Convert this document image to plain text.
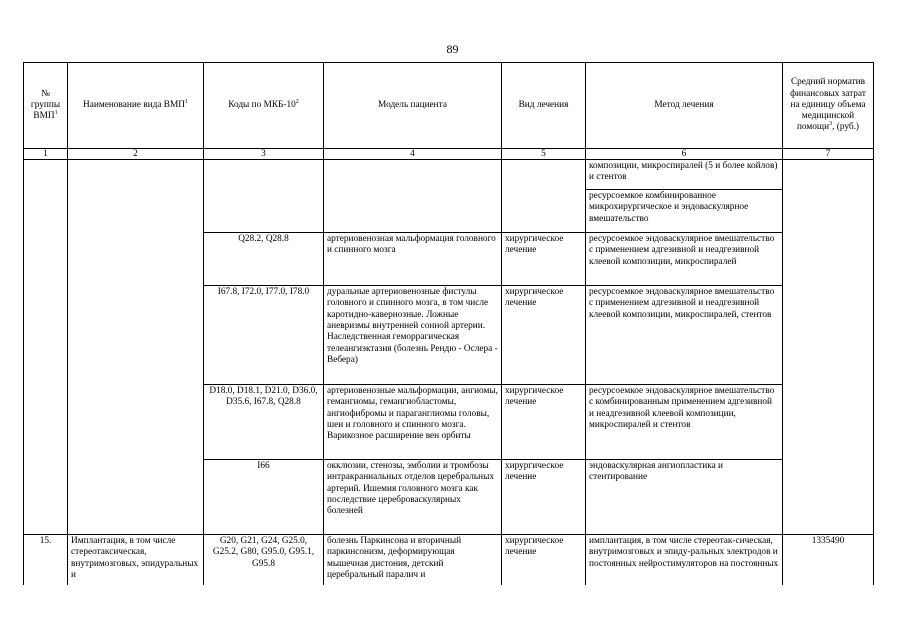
89
№ группы ВМП$^1$	Наименование вида ВМП$^1$	Коды по МКБ-$10^2$	Модель пациента	Вид лечения	Метод лечения	Средний норматив финансовых затрат на единицу объема медицинской помощи$^3$, (руб.)
1	2	3	4	5	6	7
					композиции, микроспиралей (5 и более койлов) и стентов	
					ресурсоемкое комбинированное микрохирургическое и эндоваскулярное вмешательство	
		Q28.2, Q28.8	артериовенозная мальформация головного и спинного мозга	хирургическое лечение	ресурсоемкое эндоваскулярное вмешательство с применением адгезивной и неадгезивной клеевой композиции, микроспиралей	
		I67.8, I72.0, I77.0, I78.0	дуральные артериовенозные фистулы головного и спинного мозга, в том числе каротидно-кавернозные. Ложные аневризмы внутренней сонной артерии. Наследственная геморрагическая телеангиэктазия (болезнь Рендю - Ослера - Вебера)	хирургическое лечение	ресурсоемкое эндоваскулярное вмешательство с применением адгезивной и неадгезивной клеевой композиции, микроспиралей, стентов	
		D18.0, D18.1, D21.0, D36.0, D35.6, I67.8, Q28.8	артериовенозные мальформации, ангиомы, гемангиомы, гемангиобластомы, ангиофибромы и параганглиомы головы, шеи и головного и спинного мозга. Варикозное расширение вен орбиты	хирургическое лечение	ресурсоемкое эндоваскулярное вмешательство с комбинированным применением адгезивной и неадгезивной клеевой композиции, микроспиралей и стентов	
		I66	окклюзии, стенозы, эмболии и тромбозы интракраниальных отделов церебральных артерий. Ишемия головного мозга как последствие цереброваскулярных болезней	хирургическое лечение	эндоваскулярная ангиопластика и стентирование	
15.	Имплантация, в том числе стереотаксическая, внутримозговых, эпидуральных и	G20, G21, G24, G25.0, G25.2, G80, G95.0, G95.1, G95.8	болезнь Паркинсона и вторичный паркинсонизм, деформирующая мышечная дистония, детский церебральный паралич и	хирургическое лечение	имплантация, в том числе стереотак-сическая, внутримозговых и эпиду-ральных электродов и постоянных нейростимуляторов на постоянных	1335490
